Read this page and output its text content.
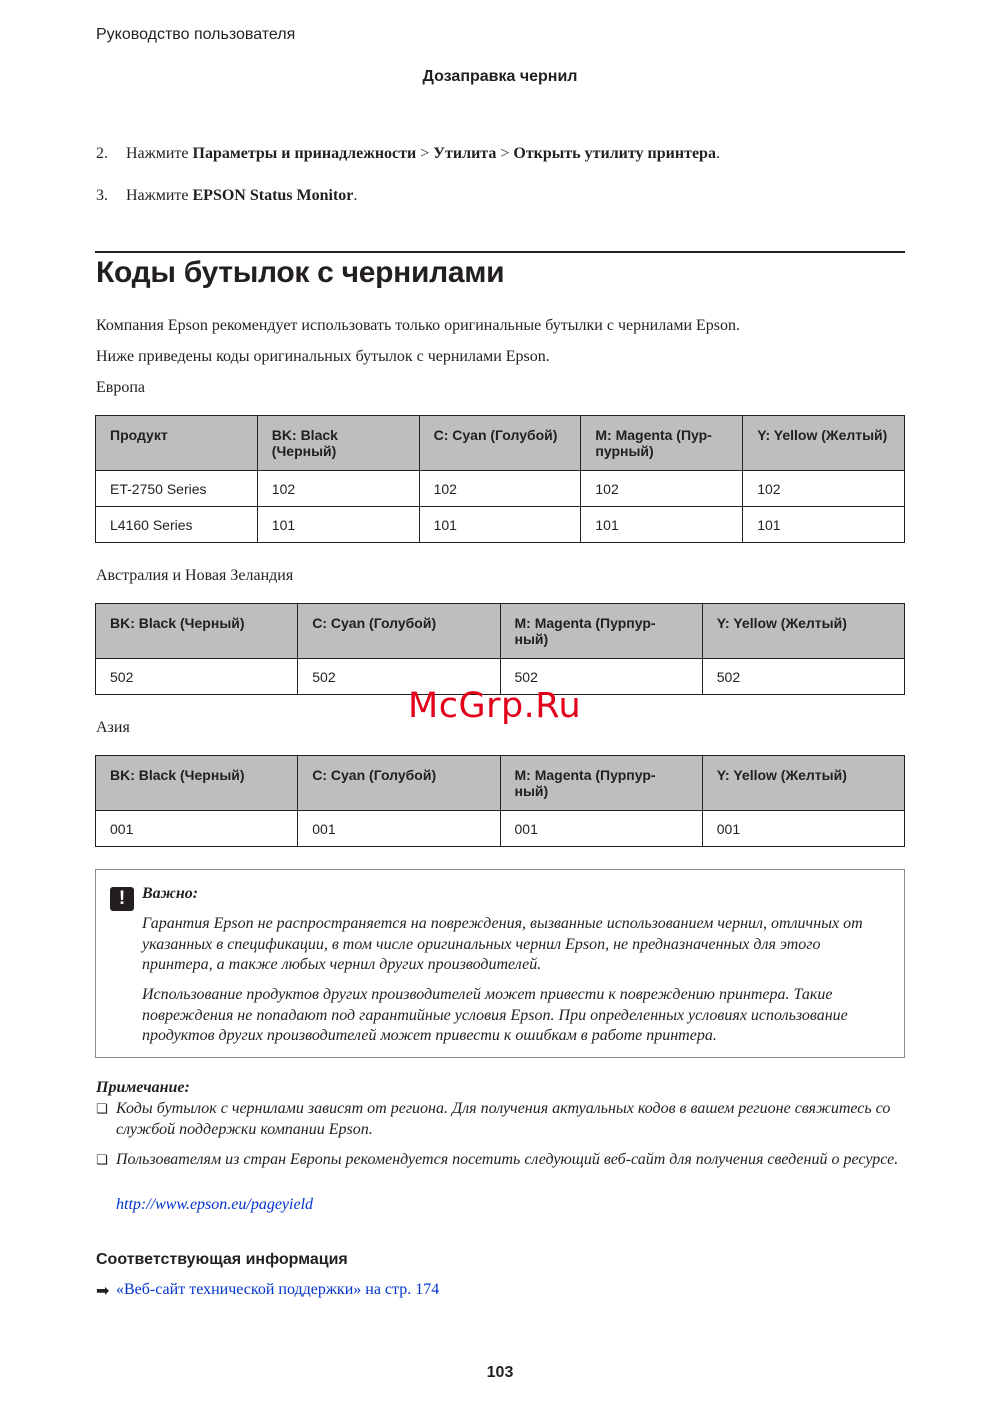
Руководство пользователя
Дозаправка чернил
2. Нажмите Параметры и принадлежности > Утилита > Открыть утилиту принтера.
3. Нажмите EPSON Status Monitor.
Коды бутылок с чернилами
Компания Epson рекомендует использовать только оригинальные бутылки с чернилами Epson.
Ниже приведены коды оригинальных бутылок с чернилами Epson.
Европа
Продукт	BK: Black (Черный)	C: Cyan (Голубой)	M: Magenta (Пур-пурный)	Y: Yellow (Желтый)
ET-2750 Series	102	102	102	102
L4160 Series	101	101	101	101
Австралия и Новая Зеландия
BK: Black (Черный)	C: Cyan (Голубой)	M: Magenta (Пурпур-ный)	Y: Yellow (Желтый)
502	502	502	502
Азия
BK: Black (Черный)	C: Cyan (Голубой)	M: Magenta (Пурпур-ный)	Y: Yellow (Желтый)
001	001	001	001
McGrp.Ru
!	Важно:
Гарантия Epson не распространяется на повреждения, вызванные использованием чернил, отличных от указанных в спецификации, в том числе оригинальных чернил Epson, не предназначенных для этого принтера, а также любых чернил других производителей.
Использование продуктов других производителей может привести к повреждению принтера. Такие повреждения не попадают под гарантийные условия Epson. При определенных условиях использование продуктов других производителей может привести к ошибкам в работе принтера.
Примечание:
❏ Коды бутылок с чернилами зависят от региона. Для получения актуальных кодов в вашем регионе свяжитесь со службой поддержки компании Epson.
❏ Пользователям из стран Европы рекомендуется посетить следующий веб-сайт для получения сведений о ресурсе.
http://www.epson.eu/pageyield
Соответствующая информация
➡ «Веб-сайт технической поддержки» на стр. 174
103
